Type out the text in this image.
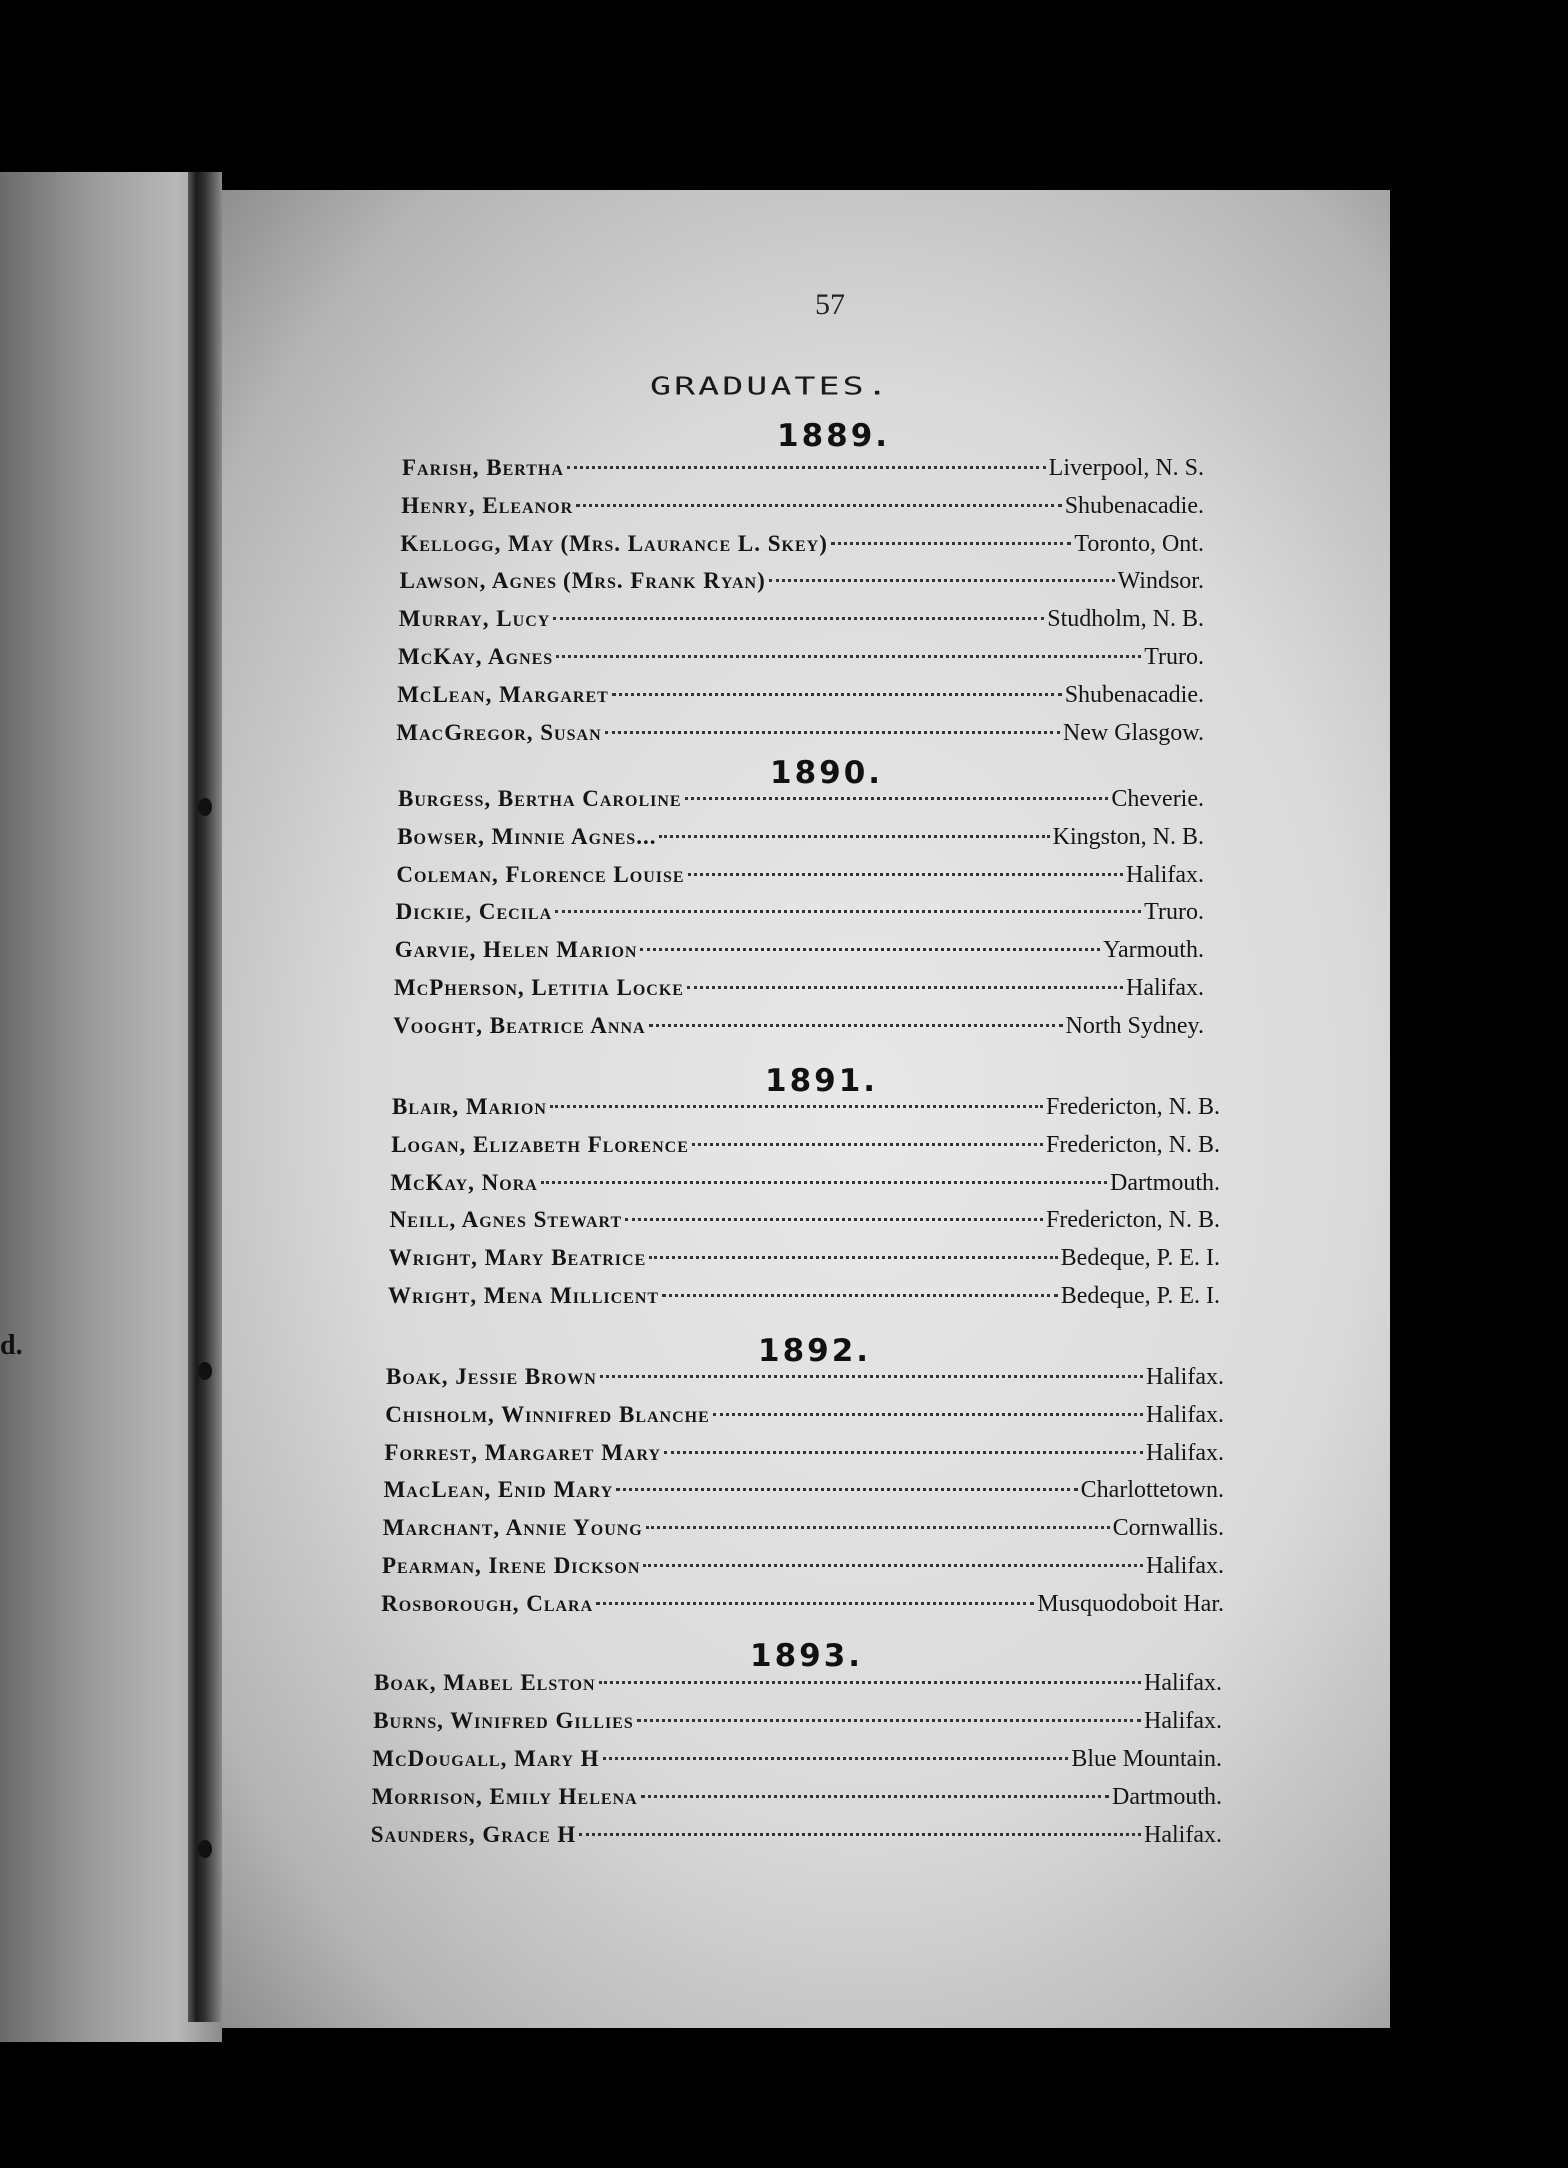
d.
57
GRADUATES.
1889.
Farish, Bertha	Liverpool, N. S.
Henry, Eleanor	Shubenacadie.
Kellogg, May (Mrs. Laurance L. Skey)	Toronto, Ont.
Lawson, Agnes (Mrs. Frank Ryan)	Windsor.
Murray, Lucy	Studholm, N. B.
McKay, Agnes	Truro.
McLean, Margaret	Shubenacadie.
MacGregor, Susan	New Glasgow.
1890.
Burgess, Bertha Caroline	Cheverie.
Bowser, Minnie Agnes...	Kingston, N. B.
Coleman, Florence Louise	Halifax.
Dickie, Cecila	Truro.
Garvie, Helen Marion	Yarmouth.
McPherson, Letitia Locke	Halifax.
Vooght, Beatrice Anna	North Sydney.
1891.
Blair, Marion	Fredericton, N. B.
Logan, Elizabeth Florence	Fredericton, N. B.
McKay, Nora	Dartmouth.
Neill, Agnes Stewart	Fredericton, N. B.
Wright, Mary Beatrice	Bedeque, P. E. I.
Wright, Mena Millicent	Bedeque, P. E. I.
1892.
Boak, Jessie Brown	Halifax.
Chisholm, Winnifred Blanche	Halifax.
Forrest, Margaret Mary	Halifax.
MacLean, Enid Mary	Charlottetown.
Marchant, Annie Young	Cornwallis.
Pearman, Irene Dickson	Halifax.
Rosborough, Clara	Musquodoboit Har.
1893.
Boak, Mabel Elston	Halifax.
Burns, Winifred Gillies	Halifax.
McDougall, Mary H	Blue Mountain.
Morrison, Emily Helena	Dartmouth.
Saunders, Grace H	Halifax.
